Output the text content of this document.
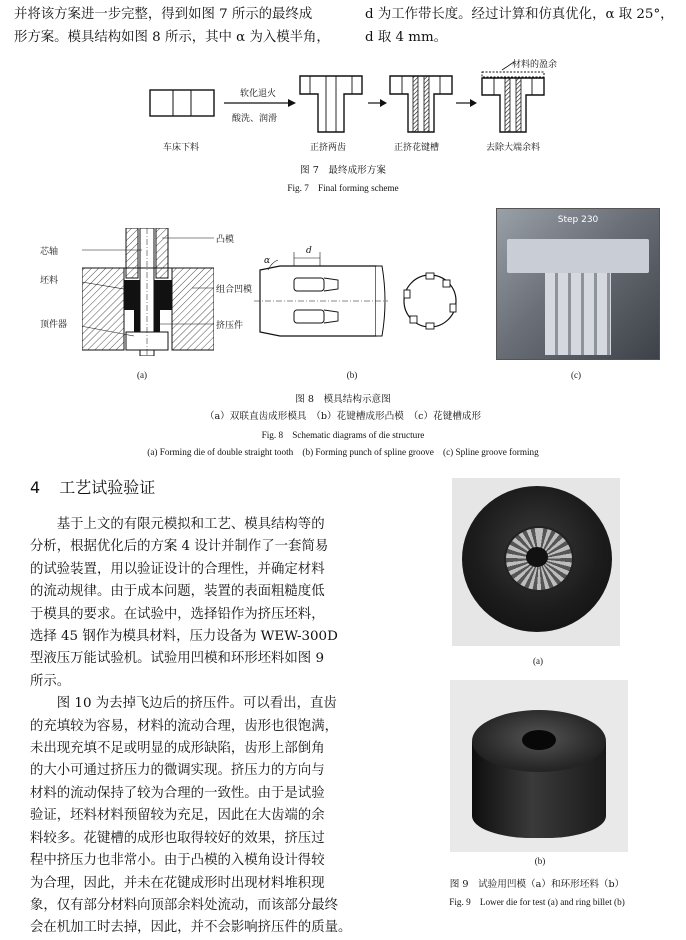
并将该方案进一步完整，得到如图 7 所示的最终成
形方案。模具结构如图 8 所示，其中 α 为入模半角，
d 为工作带长度。经过计算和仿真优化，α 取 25°，
d 取 4 mm。
软化退火
酸洗、润滑
材料的盈余
车床下料	正挤两齿	正挤花键槽	去除大端余料
图 7　最终成形方案
Fig. 7　Final forming scheme
芯轴
坯料
顶件器
凸模
组合凹模
挤压件
α
d
Step 230
(a)	(b)	(c)
图 8　模具结构示意图
（a）双联直齿成形模具　（b）花键槽成形凸模　（c）花键槽成形
Fig. 8　Schematic diagrams of die structure
(a) Forming die of double straight tooth　(b) Forming punch of spline groove　(c) Spline groove forming
4 工艺试验验证
　　基于上文的有限元模拟和工艺、模具结构等的
分析，根据优化后的方案 4 设计并制作了一套简易
的试验装置，用以验证设计的合理性，并确定材料
的流动规律。由于成本问题，装置的表面粗糙度低
于模具的要求。在试验中，选择铅作为挤压坯料，
选择 45 钢作为模具材料，压力设备为 WEW-300D
型液压万能试验机。试验用凹模和环形坯料如图 9
所示。
　　图 10 为去掉飞边后的挤压件。可以看出，直齿
的充填较为容易，材料的流动合理，齿形也很饱满，
未出现充填不足或明显的成形缺陷，齿形上部倒角
的大小可通过挤压力的微调实现。挤压力的方向与
材料的流动保持了较为合理的一致性。由于是试验
验证，坯料材料预留较为充足，因此在大齿端的余
料较多。花键槽的成形也取得较好的效果，挤压过
程中挤压力也非常小。由于凸模的入模角设计得较
为合理，因此，并未在花键成形时出现材料堆积现
象，仅有部分材料向顶部余料处流动，而该部分最终
会在机加工时去掉，因此，并不会影响挤压件的质量。
(a)
(b)
图 9　试验用凹模（a）和环形坯料（b）
Fig. 9　Lower die for test (a) and ring billet (b)
